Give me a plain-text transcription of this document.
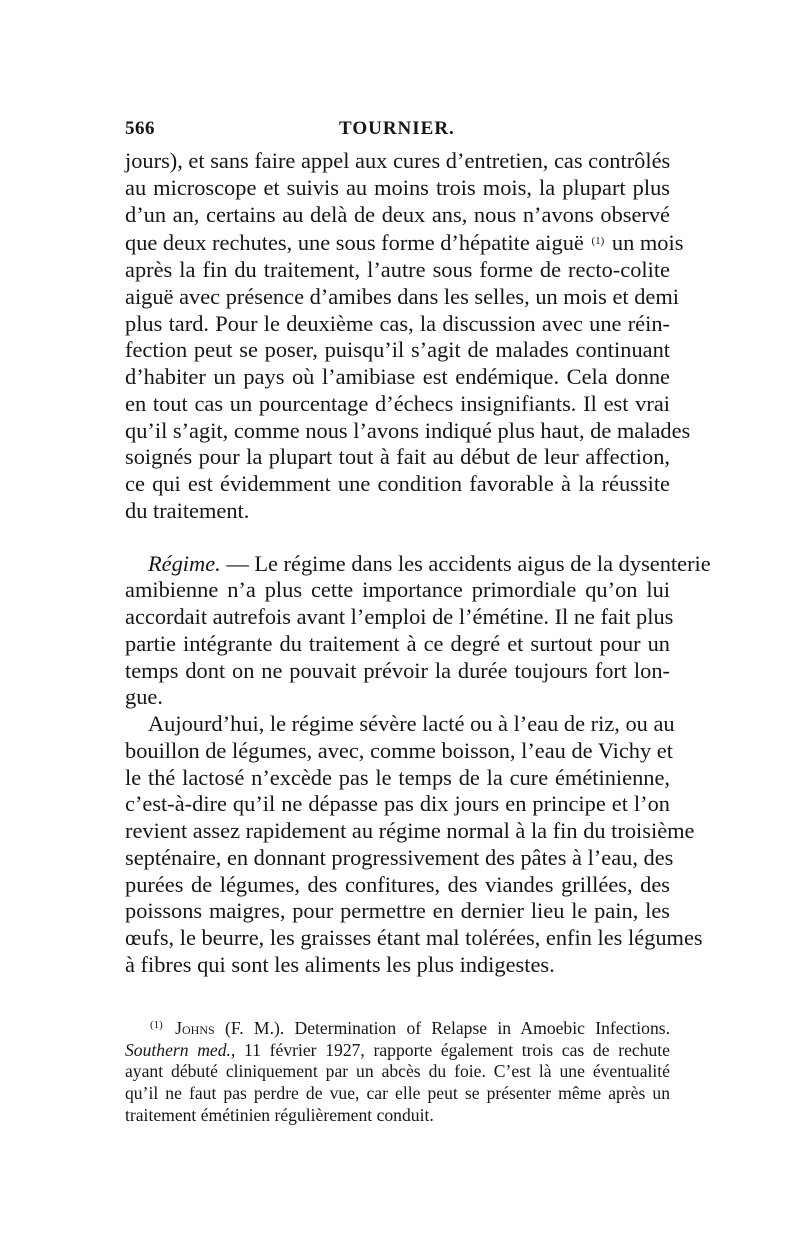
566	TOURNIER.
jours), et sans faire appel aux cures d’entretien, cas contrôlés
au microscope et suivis au moins trois mois, la plupart plus
d’un an, certains au delà de deux ans, nous n’avons observé
que deux rechutes, une sous forme d’hépatite aiguë $^{(1)}$ un mois
après la fin du traitement, l’autre sous forme de recto-colite
aiguë avec présence d’amibes dans les selles, un mois et demi
plus tard. Pour le deuxième cas, la discussion avec une réin-
fection peut se poser, puisqu’il s’agit de malades continuant
d’habiter un pays où l’amibiase est endémique. Cela donne
en tout cas un pourcentage d’échecs insignifiants. Il est vrai
qu’il s’agit, comme nous l’avons indiqué plus haut, de malades
soignés pour la plupart tout à fait au début de leur affection,
ce qui est évidemment une condition favorable à la réussite
du traitement.
Régime. — Le régime dans les accidents aigus de la dysenterie
amibienne n’a plus cette importance primordiale qu’on lui
accordait autrefois avant l’emploi de l’émétine. Il ne fait plus
partie intégrante du traitement à ce degré et surtout pour un
temps dont on ne pouvait prévoir la durée toujours fort lon-
gue.
Aujourd’hui, le régime sévère lacté ou à l’eau de riz, ou au
bouillon de légumes, avec, comme boisson, l’eau de Vichy et
le thé lactosé n’excède pas le temps de la cure émétinienne,
c’est-à-dire qu’il ne dépasse pas dix jours en principe et l’on
revient assez rapidement au régime normal à la fin du troisième
septénaire, en donnant progressivement des pâtes à l’eau, des
purées de légumes, des confitures, des viandes grillées, des
poissons maigres, pour permettre en dernier lieu le pain, les
œufs, le beurre, les graisses étant mal tolérées, enfin les légumes
à fibres qui sont les aliments les plus indigestes.
$^{(1)}$ Johns (F. M.). Determination of Relapse in Amoebic Infections.
Southern med., 11 février 1927, rapporte également trois cas de rechute
ayant débuté cliniquement par un abcès du foie. C’est là une éventualité
qu’il ne faut pas perdre de vue, car elle peut se présenter même après un
traitement émétinien régulièrement conduit.
